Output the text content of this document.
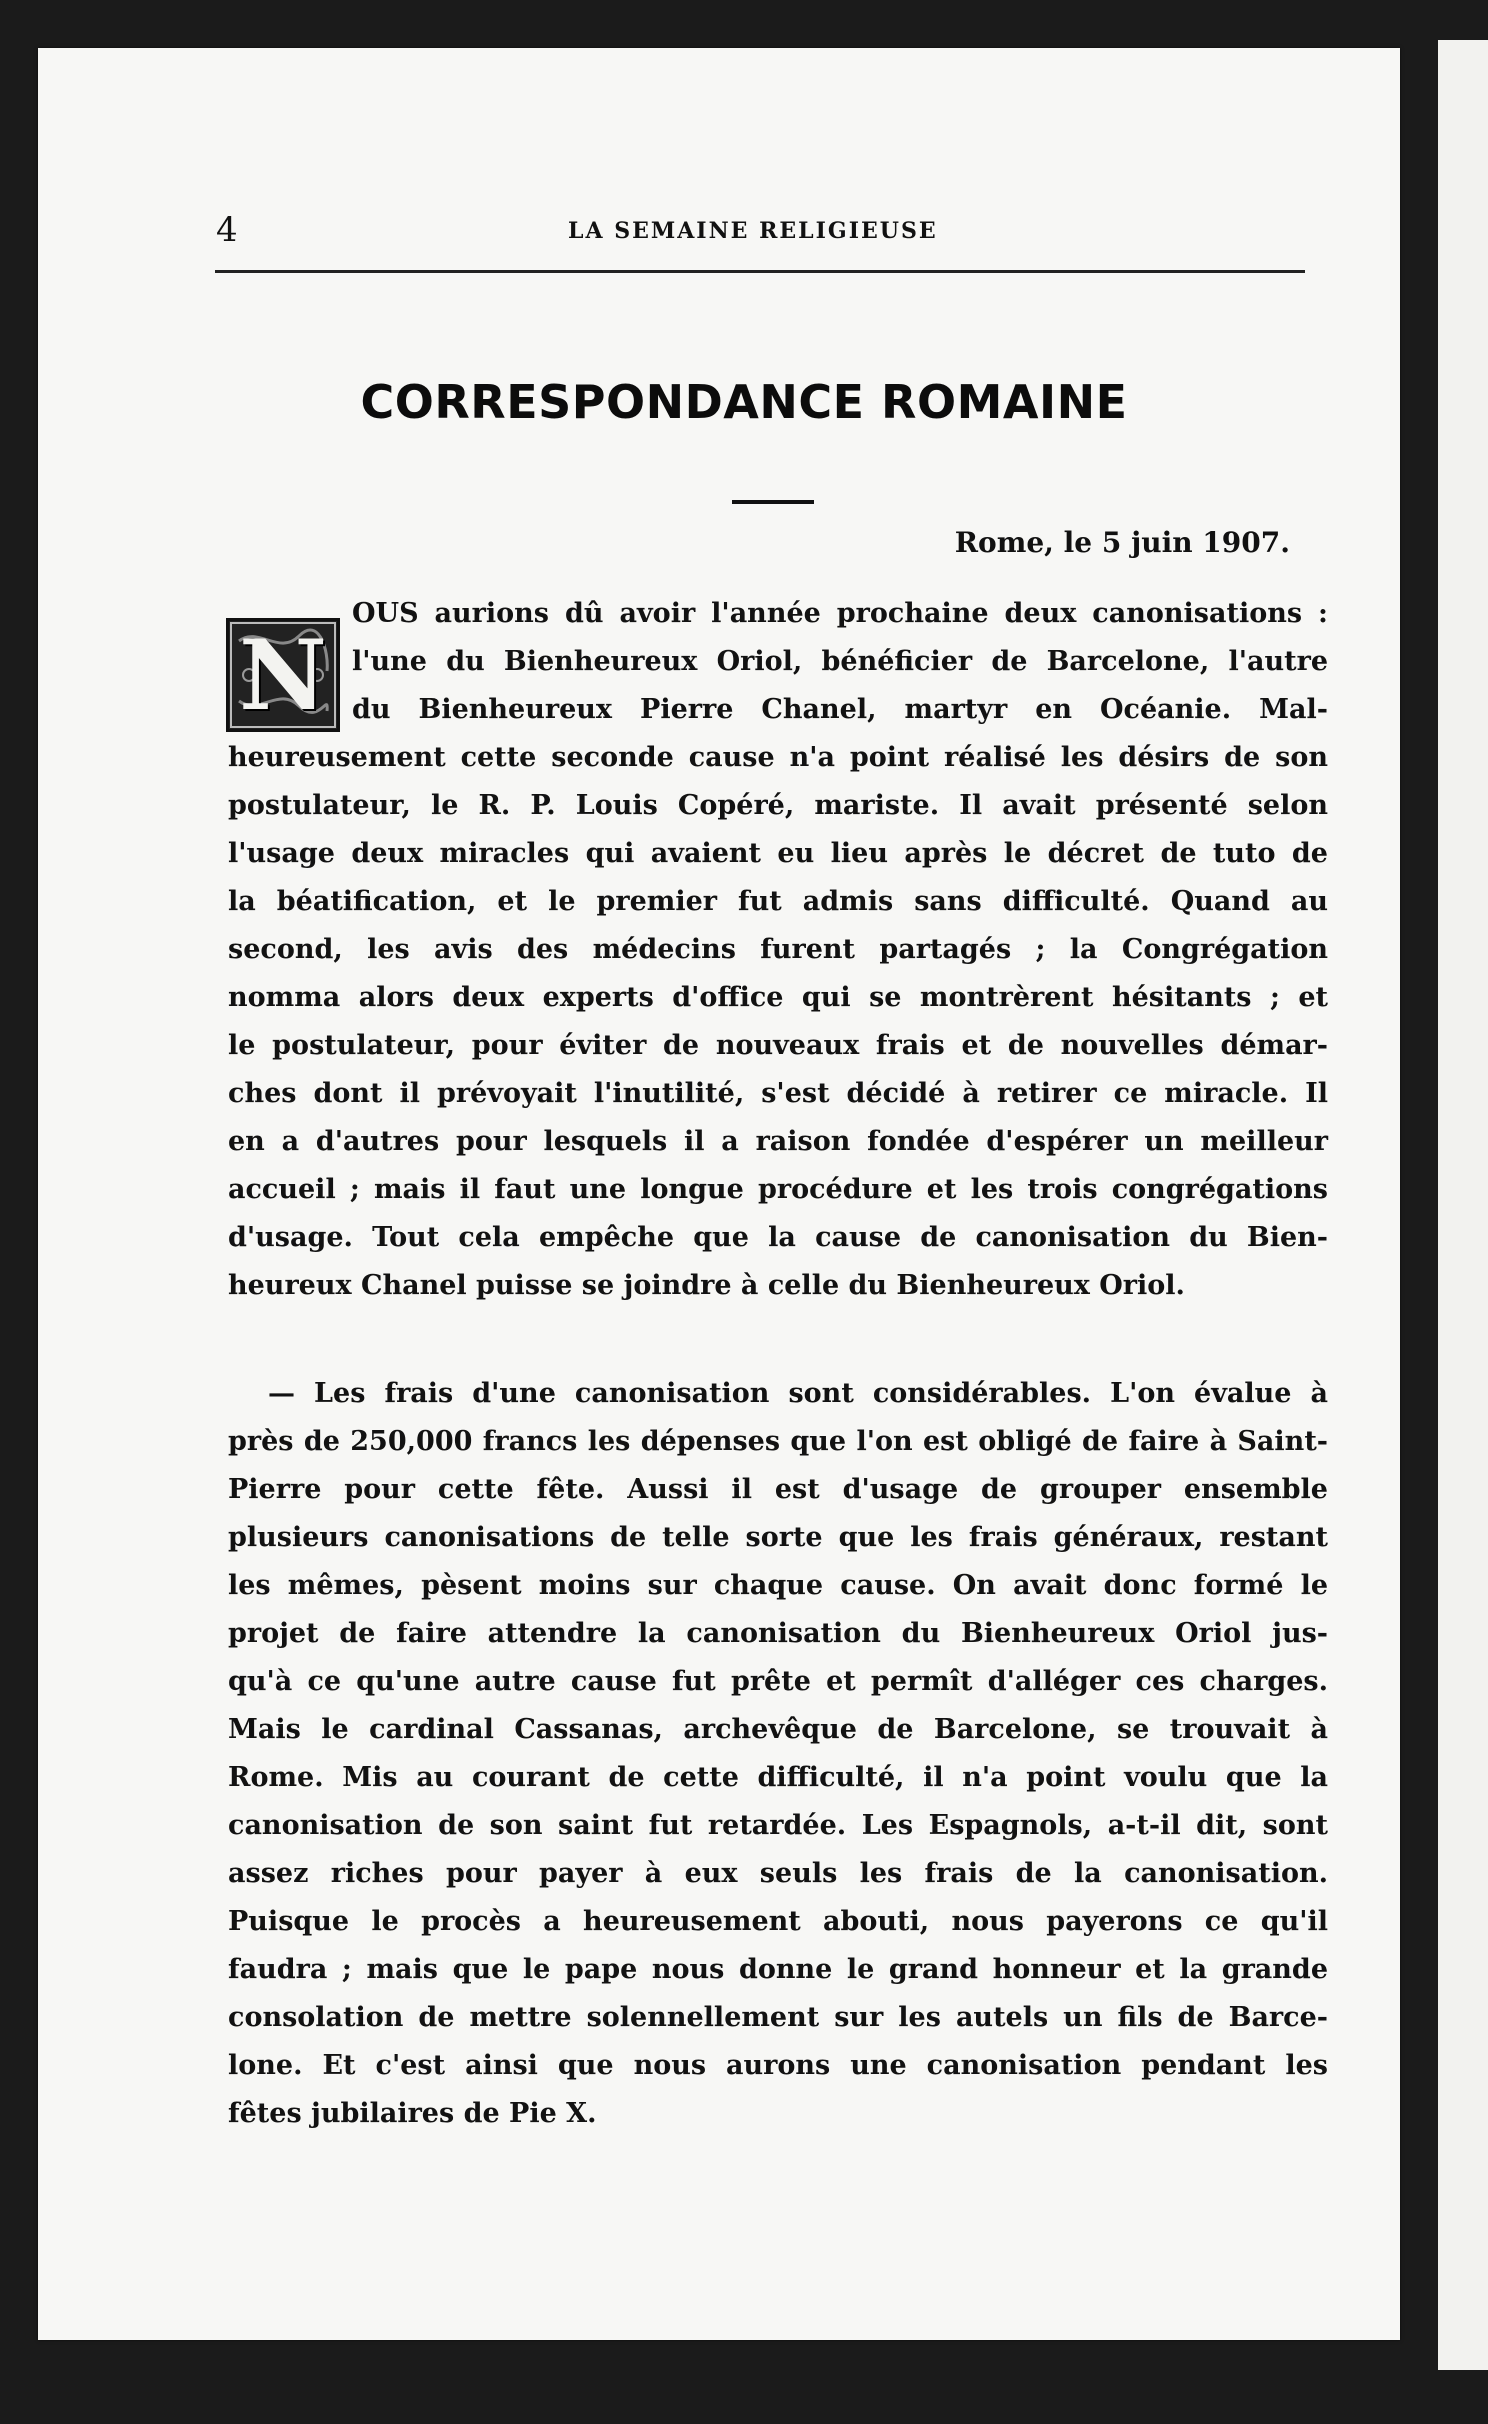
4	LA SEMAINE RELIGIEUSE
CORRESPONDANCE ROMAINE
Rome, le 5 juin 1907.
N
OUS aurions dû avoir l'année prochaine deux canonisations :
l'une du Bienheureux Oriol, bénéficier de Barcelone, l'autre
du Bienheureux Pierre Chanel, martyr en Océanie. Mal-
heureusement cette seconde cause n'a point réalisé les désirs de son
postulateur, le R. P. Louis Copéré, mariste. Il avait présenté selon
l'usage deux miracles qui avaient eu lieu après le décret de tuto de
la béatification, et le premier fut admis sans difficulté. Quand au
second, les avis des médecins furent partagés ; la Congrégation
nomma alors deux experts d'office qui se montrèrent hésitants ; et
le postulateur, pour éviter de nouveaux frais et de nouvelles démar-
ches dont il prévoyait l'inutilité, s'est décidé à retirer ce miracle. Il
en a d'autres pour lesquels il a raison fondée d'espérer un meilleur
accueil ; mais il faut une longue procédure et les trois congrégations
d'usage. Tout cela empêche que la cause de canonisation du Bien-
heureux Chanel puisse se joindre à celle du Bienheureux Oriol.
— Les frais d'une canonisation sont considérables. L'on évalue à
près de 250,000 francs les dépenses que l'on est obligé de faire à Saint-
Pierre pour cette fête. Aussi il est d'usage de grouper ensemble
plusieurs canonisations de telle sorte que les frais généraux, restant
les mêmes, pèsent moins sur chaque cause. On avait donc formé le
projet de faire attendre la canonisation du Bienheureux Oriol jus-
qu'à ce qu'une autre cause fut prête et permît d'alléger ces charges.
Mais le cardinal Cassanas, archevêque de Barcelone, se trouvait à
Rome. Mis au courant de cette difficulté, il n'a point voulu que la
canonisation de son saint fut retardée. Les Espagnols, a-t-il dit, sont
assez riches pour payer à eux seuls les frais de la canonisation.
Puisque le procès a heureusement abouti, nous payerons ce qu'il
faudra ; mais que le pape nous donne le grand honneur et la grande
consolation de mettre solennellement sur les autels un fils de Barce-
lone. Et c'est ainsi que nous aurons une canonisation pendant les
fêtes jubilaires de Pie X.
